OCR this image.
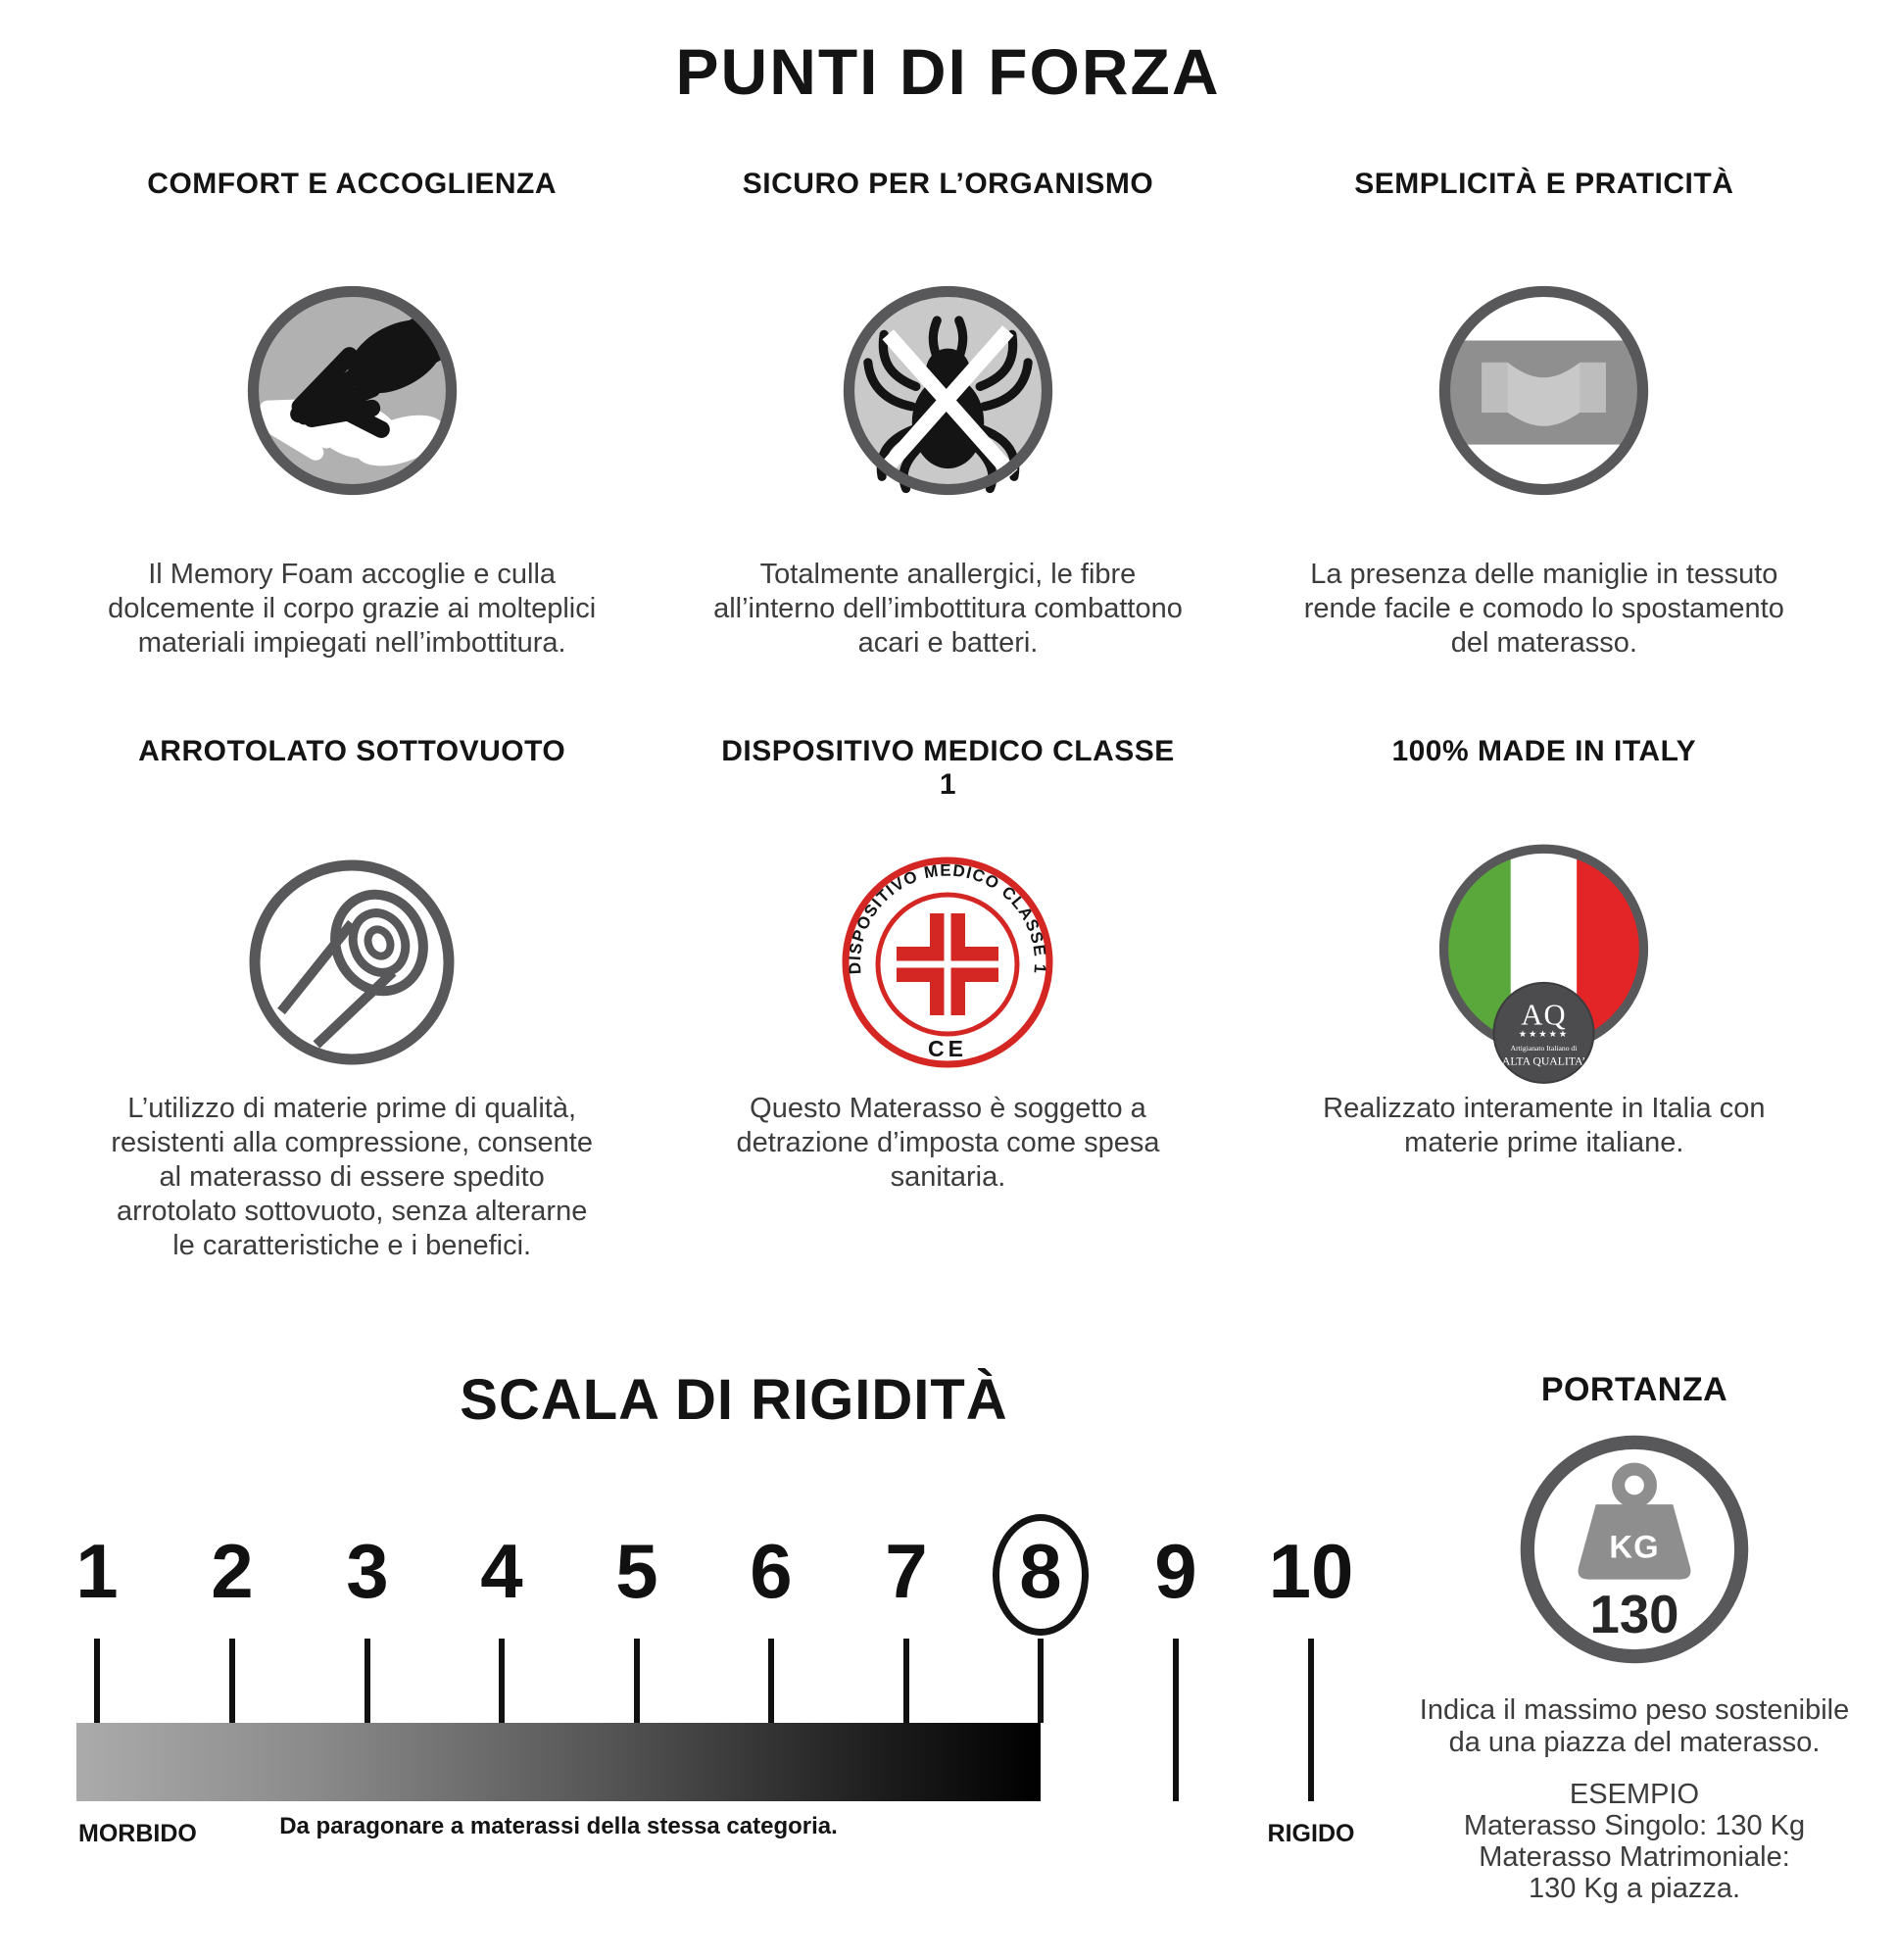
PUNTI DI FORZA
COMFORT E ACCOGLIENZA

Il Memory Foam accoglie e culla dolcemente il corpo grazie ai molteplici materiali impiegati nell’imbottitura.

SICURO PER L’ORGANISMO

Totalmente anallergici, le fibre all’interno dell’imbottitura combattono acari e batteri.

SEMPLICITÀ E PRATICITÀ

La presenza delle maniglie in tessuto rende facile e comodo lo spostamento del materasso.

ARROTOLATO SOTTOVUOTO

L’utilizzo di materie prime di qualità, resistenti alla compressione, consente al materasso di essere spedito arrotolato sottovuoto, senza alterarne le caratteristiche e i benefici.

DISPOSITIVO MEDICO CLASSE 1
DISPOSITIVO MEDICO CLASSE 1
CE

Questo Materasso è soggetto a detrazione d’imposta come spesa sanitaria.

100% MADE IN ITALY
AQ
★★★★★
Artigianato Italiano di
ALTA QUALITA’

Realizzato interamente in Italia con materie prime italiane.

SCALA DI RIGIDITÀ
1 2 3 4 5 6 7 8 9 10
MORBIDO	Da paragonare a materassi della stessa categoria.	RIGIDO
PORTANZA
KG
130
Indica il massimo peso sostenibile da una piazza del materasso.
ESEMPIO
Materasso Singolo: 130 Kg
Materasso Matrimoniale:
130 Kg a piazza.
